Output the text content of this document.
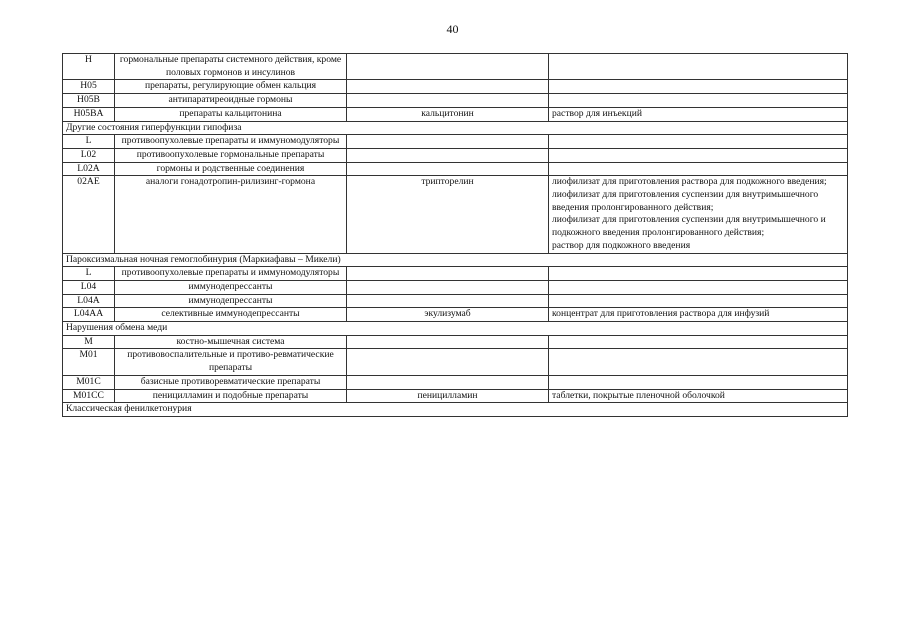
40
H	гормональные препараты системного действия, кроме половых гормонов и инсулинов		
H05	препараты, регулирующие обмен кальция		
H05B	антипаратиреоидные гормоны		
H05BA	препараты кальцитонина	кальцитонин	раствор для инъекций
Другие состояния гиперфункции гипофиза			
L	противоопухолевые препараты и иммуномодуляторы		
L02	противоопухолевые гормональные препараты		
L02A	гормоны и родственные соединения		
02AE	аналоги гонадотропин-рилизинг-гормона	трипторелин	лиофилизат для приготовления раствора для подкожного введения;
лиофилизат для приготовления суспензии для внутримышечного введения пролонгированного действия;
лиофилизат для приготовления суспензии для внутримышечного и подкожного введения пролонгированного действия;
раствор для подкожного введения
Пароксизмальная ночная гемоглобинурия (Маркиафавы – Микели)			
L	противоопухолевые препараты и иммуномодуляторы		
L04	иммунодепрессанты		
L04A	иммунодепрессанты		
L04AA	селективные иммунодепрессанты	экулизумаб	концентрат для приготовления раствора для инфузий
Нарушения обмена меди			
M	костно-мышечная система		
M01	противовоспалительные и противо-ревматические препараты		
M01C	базисные противоревматические препараты		
M01CC	пеницилламин и подобные препараты	пеницилламин	таблетки, покрытые пленочной оболочкой
Классическая фенилкетонурия			
